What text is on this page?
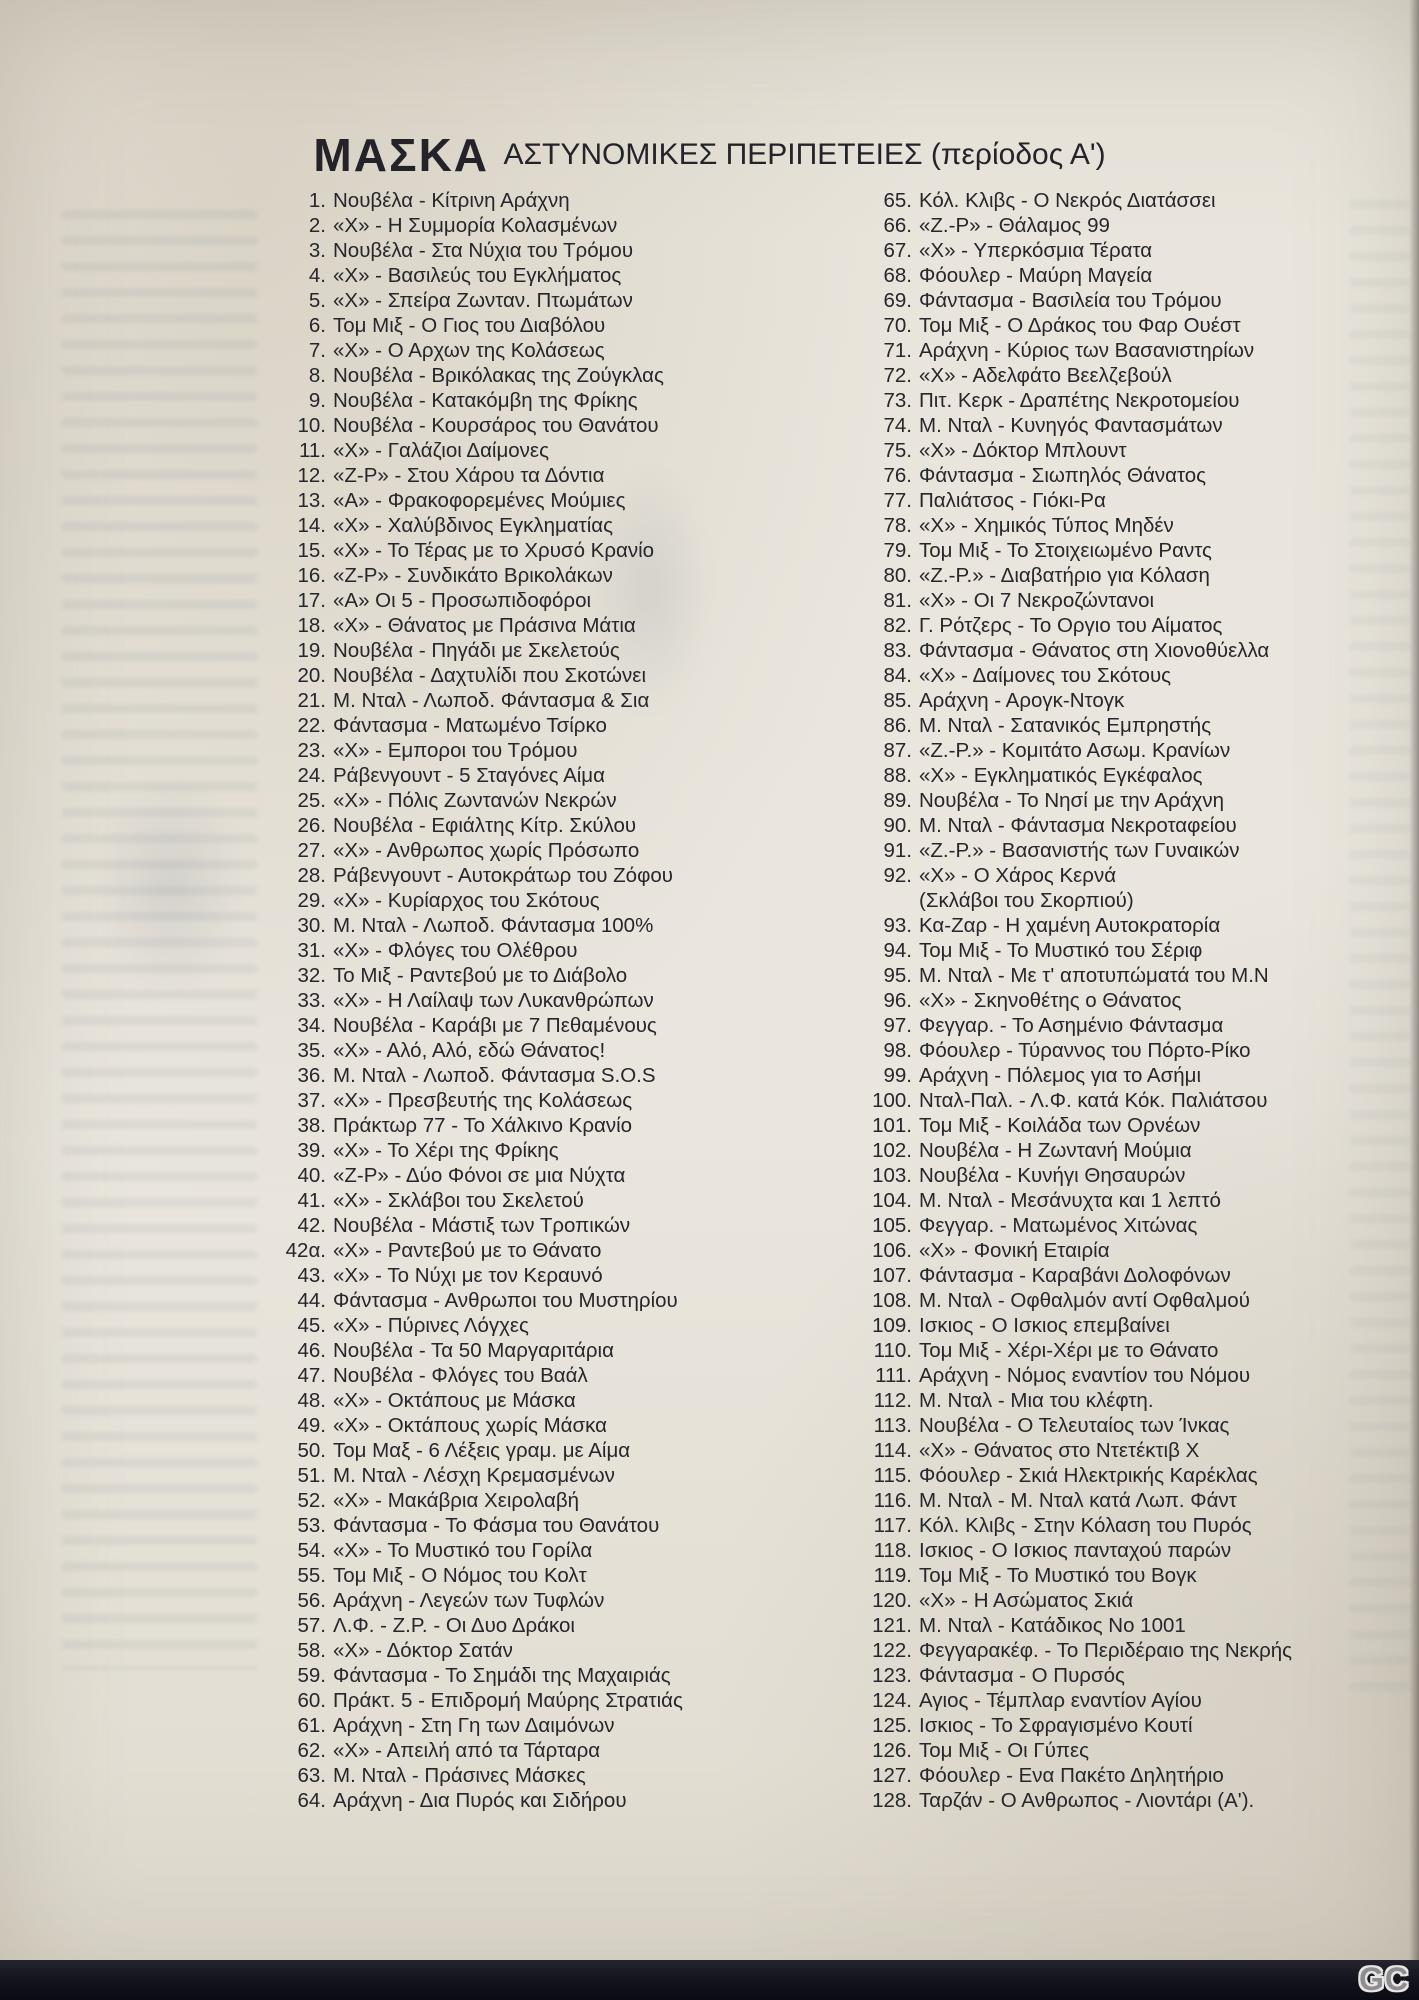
ΜΑΣΚΑ ΑΣΤΥΝΟΜΙΚΕΣ ΠΕΡΙΠΕΤΕΙΕΣ (περίοδος Α')
1. Νουβέλα - Κίτρινη Αράχνη
2. «Χ» - Η Συμμορία Κολασμένων
3. Νουβέλα - Στα Νύχια του Τρόμου
4. «Χ» - Βασιλεύς του Εγκλήματος
5. «Χ» - Σπείρα Ζωνταν. Πτωμάτων
6. Τομ Μιξ - Ο Γιος του Διαβόλου
7. «Χ» - Ο Αρχων της Κολάσεως
8. Νουβέλα - Βρικόλακας της Ζούγκλας
9. Νουβέλα - Κατακόμβη της Φρίκης
10. Νουβέλα - Κουρσάρος του Θανάτου
11. «Χ» - Γαλάζιοι Δαίμονες
12. «Ζ-Ρ» - Στου Χάρου τα Δόντια
13. «Α» - Φρακοφορεμένες Μούμιες
14. «Χ» - Χαλύβδινος Εγκληματίας
15. «Χ» - Το Τέρας με το Χρυσό Κρανίο
16. «Ζ-Ρ» - Συνδικάτο Βρικολάκων
17. «Α» Οι 5 - Προσωπιδοφόροι
18. «Χ» - Θάνατος με Πράσινα Μάτια
19. Νουβέλα - Πηγάδι με Σκελετούς
20. Νουβέλα - Δαχτυλίδι που Σκοτώνει
21. Μ. Νταλ - Λωποδ. Φάντασμα & Σια
22. Φάντασμα - Ματωμένο Τσίρκο
23. «Χ» - Εμποροι του Τρόμου
24. Ράβενγουντ - 5 Σταγόνες Αίμα
25. «Χ» - Πόλις Ζωντανών Νεκρών
26. Νουβέλα - Εφιάλτης Κίτρ. Σκύλου
27. «Χ» - Ανθρωπος χωρίς Πρόσωπο
28. Ράβενγουντ - Αυτοκράτωρ του Ζόφου
29. «Χ» - Κυρίαρχος του Σκότους
30. Μ. Νταλ - Λωποδ. Φάντασμα 100%
31. «Χ» - Φλόγες του Ολέθρου
32. Το Μιξ - Ραντεβού με το Διάβολο
33. «Χ» - Η Λαίλαψ των Λυκανθρώπων
34. Νουβέλα - Καράβι με 7 Πεθαμένους
35. «Χ» - Αλό, Αλό, εδώ Θάνατος!
36. Μ. Νταλ - Λωποδ. Φάντασμα S.O.S
37. «Χ» - Πρεσβευτής της Κολάσεως
38. Πράκτωρ 77 - Το Χάλκινο Κρανίο
39. «Χ» - Το Χέρι της Φρίκης
40. «Ζ-Ρ» - Δύο Φόνοι σε μια Νύχτα
41. «Χ» - Σκλάβοι του Σκελετού
42. Νουβέλα - Μάστιξ των Τροπικών
42α. «Χ» - Ραντεβού με το Θάνατο
43. «Χ» - Το Νύχι με τον Κεραυνό
44. Φάντασμα - Ανθρωποι του Μυστηρίου
45. «Χ» - Πύρινες Λόγχες
46. Νουβέλα - Τα 50 Μαργαριτάρια
47. Νουβέλα - Φλόγες του Βαάλ
48. «Χ» - Οκτάπους με Μάσκα
49. «Χ» - Οκτάπους χωρίς Μάσκα
50. Τομ Μαξ - 6 Λέξεις γραμ. με Αίμα
51. Μ. Νταλ - Λέσχη Κρεμασμένων
52. «Χ» - Μακάβρια Χειρολαβή
53. Φάντασμα - Το Φάσμα του Θανάτου
54. «Χ» - Το Μυστικό του Γορίλα
55. Τομ Μιξ - Ο Νόμος του Κολτ
56. Αράχνη - Λεγεών των Τυφλών
57. Λ.Φ. - Ζ.Ρ. - Οι Δυο Δράκοι
58. «Χ» - Δόκτορ Σατάν
59. Φάντασμα - Το Σημάδι της Μαχαιριάς
60. Πράκτ. 5 - Επιδρομή Μαύρης Στρατιάς
61. Αράχνη - Στη Γη των Δαιμόνων
62. «Χ» - Απειλή από τα Τάρταρα
63. Μ. Νταλ - Πράσινες Μάσκες
64. Αράχνη - Δια Πυρός και Σιδήρου
65. Κόλ. Κλιβς - Ο Νεκρός Διατάσσει
66. «Ζ.-Ρ» - Θάλαμος 99
67. «Χ» - Υπερκόσμια Τέρατα
68. Φόουλερ - Μαύρη Μαγεία
69. Φάντασμα - Βασιλεία του Τρόμου
70. Τομ Μιξ - Ο Δράκος του Φαρ Ουέστ
71. Αράχνη - Κύριος των Βασανιστηρίων
72. «Χ» - Αδελφάτο Βεελζεβούλ
73. Πιτ. Κερκ - Δραπέτης Νεκροτομείου
74. Μ. Νταλ - Κυνηγός Φαντασμάτων
75. «Χ» - Δόκτορ Μπλουντ
76. Φάντασμα - Σιωπηλός Θάνατος
77. Παλιάτσος - Γιόκι-Ρα
78. «Χ» - Χημικός Τύπος Μηδέν
79. Τομ Μιξ - Το Στοιχειωμένο Ραντς
80. «Ζ.-Ρ.» - Διαβατήριο για Κόλαση
81. «Χ» - Οι 7 Νεκροζώντανοι
82. Γ. Ρότζερς - Το Οργιο του Αίματος
83. Φάντασμα - Θάνατος στη Χιονοθύελλα
84. «Χ» - Δαίμονες του Σκότους
85. Αράχνη - Αρογκ-Ντογκ
86. Μ. Νταλ - Σατανικός Εμπρηστής
87. «Ζ.-Ρ.» - Κομιτάτο Ασωμ. Κρανίων
88. «Χ» - Εγκληματικός Εγκέφαλος
89. Νουβέλα - Το Νησί με την Αράχνη
90. Μ. Νταλ - Φάντασμα Νεκροταφείου
91. «Ζ.-Ρ.» - Βασανιστής των Γυναικών
92. «Χ» - Ο Χάρος Κερνά
(Σκλάβοι του Σκορπιού)
93. Κα-Ζαρ - Η χαμένη Αυτοκρατορία
94. Τομ Μιξ - Το Μυστικό του Σέριφ
95. Μ. Νταλ - Με τ' αποτυπώματά του Μ.Ν
96. «Χ» - Σκηνοθέτης ο Θάνατος
97. Φεγγαρ. - Το Ασημένιο Φάντασμα
98. Φόουλερ - Τύραννος του Πόρτο-Ρίκο
99. Αράχνη - Πόλεμος για το Ασήμι
100. Νταλ-Παλ. - Λ.Φ. κατά Κόκ. Παλιάτσου
101. Τομ Μιξ - Κοιλάδα των Ορνέων
102. Νουβέλα - Η Ζωντανή Μούμια
103. Νουβέλα - Κυνήγι Θησαυρών
104. Μ. Νταλ - Μεσάνυχτα και 1 λεπτό
105. Φεγγαρ. - Ματωμένος Χιτώνας
106. «Χ» - Φονική Εταιρία
107. Φάντασμα - Καραβάνι Δολοφόνων
108. Μ. Νταλ - Οφθαλμόν αντί Οφθαλμού
109. Ισκιος - Ο Ισκιος επεμβαίνει
110. Τομ Μιξ - Χέρι-Χέρι με το Θάνατο
111. Αράχνη - Νόμος εναντίον του Νόμου
112. Μ. Νταλ - Μια του κλέφτη.
113. Νουβέλα - Ο Τελευταίος των Ίνκας
114. «Χ» - Θάνατος στο Ντετέκτιβ Χ
115. Φόουλερ - Σκιά Ηλεκτρικής Καρέκλας
116. Μ. Νταλ - Μ. Νταλ κατά Λωπ. Φάντ
117. Κόλ. Κλιβς - Στην Κόλαση του Πυρός
118. Ισκιος - Ο Ισκιος πανταχού παρών
119. Τομ Μιξ - Το Μυστικό του Βογκ
120. «Χ» - Η Ασώματος Σκιά
121. Μ. Νταλ - Κατάδικος Νο 1001
122. Φεγγαρακέφ. - Το Περιδέραιο της Νεκρής
123. Φάντασμα - Ο Πυρσός
124. Αγιος - Τέμπλαρ εναντίον Αγίου
125. Ισκιος - Το Σφραγισμένο Κουτί
126. Τομ Μιξ - Οι Γύπες
127. Φόουλερ - Ενα Πακέτο Δηλητήριο
128. Ταρζάν - Ο Ανθρωπος - Λιοντάρι (Α').
GC
